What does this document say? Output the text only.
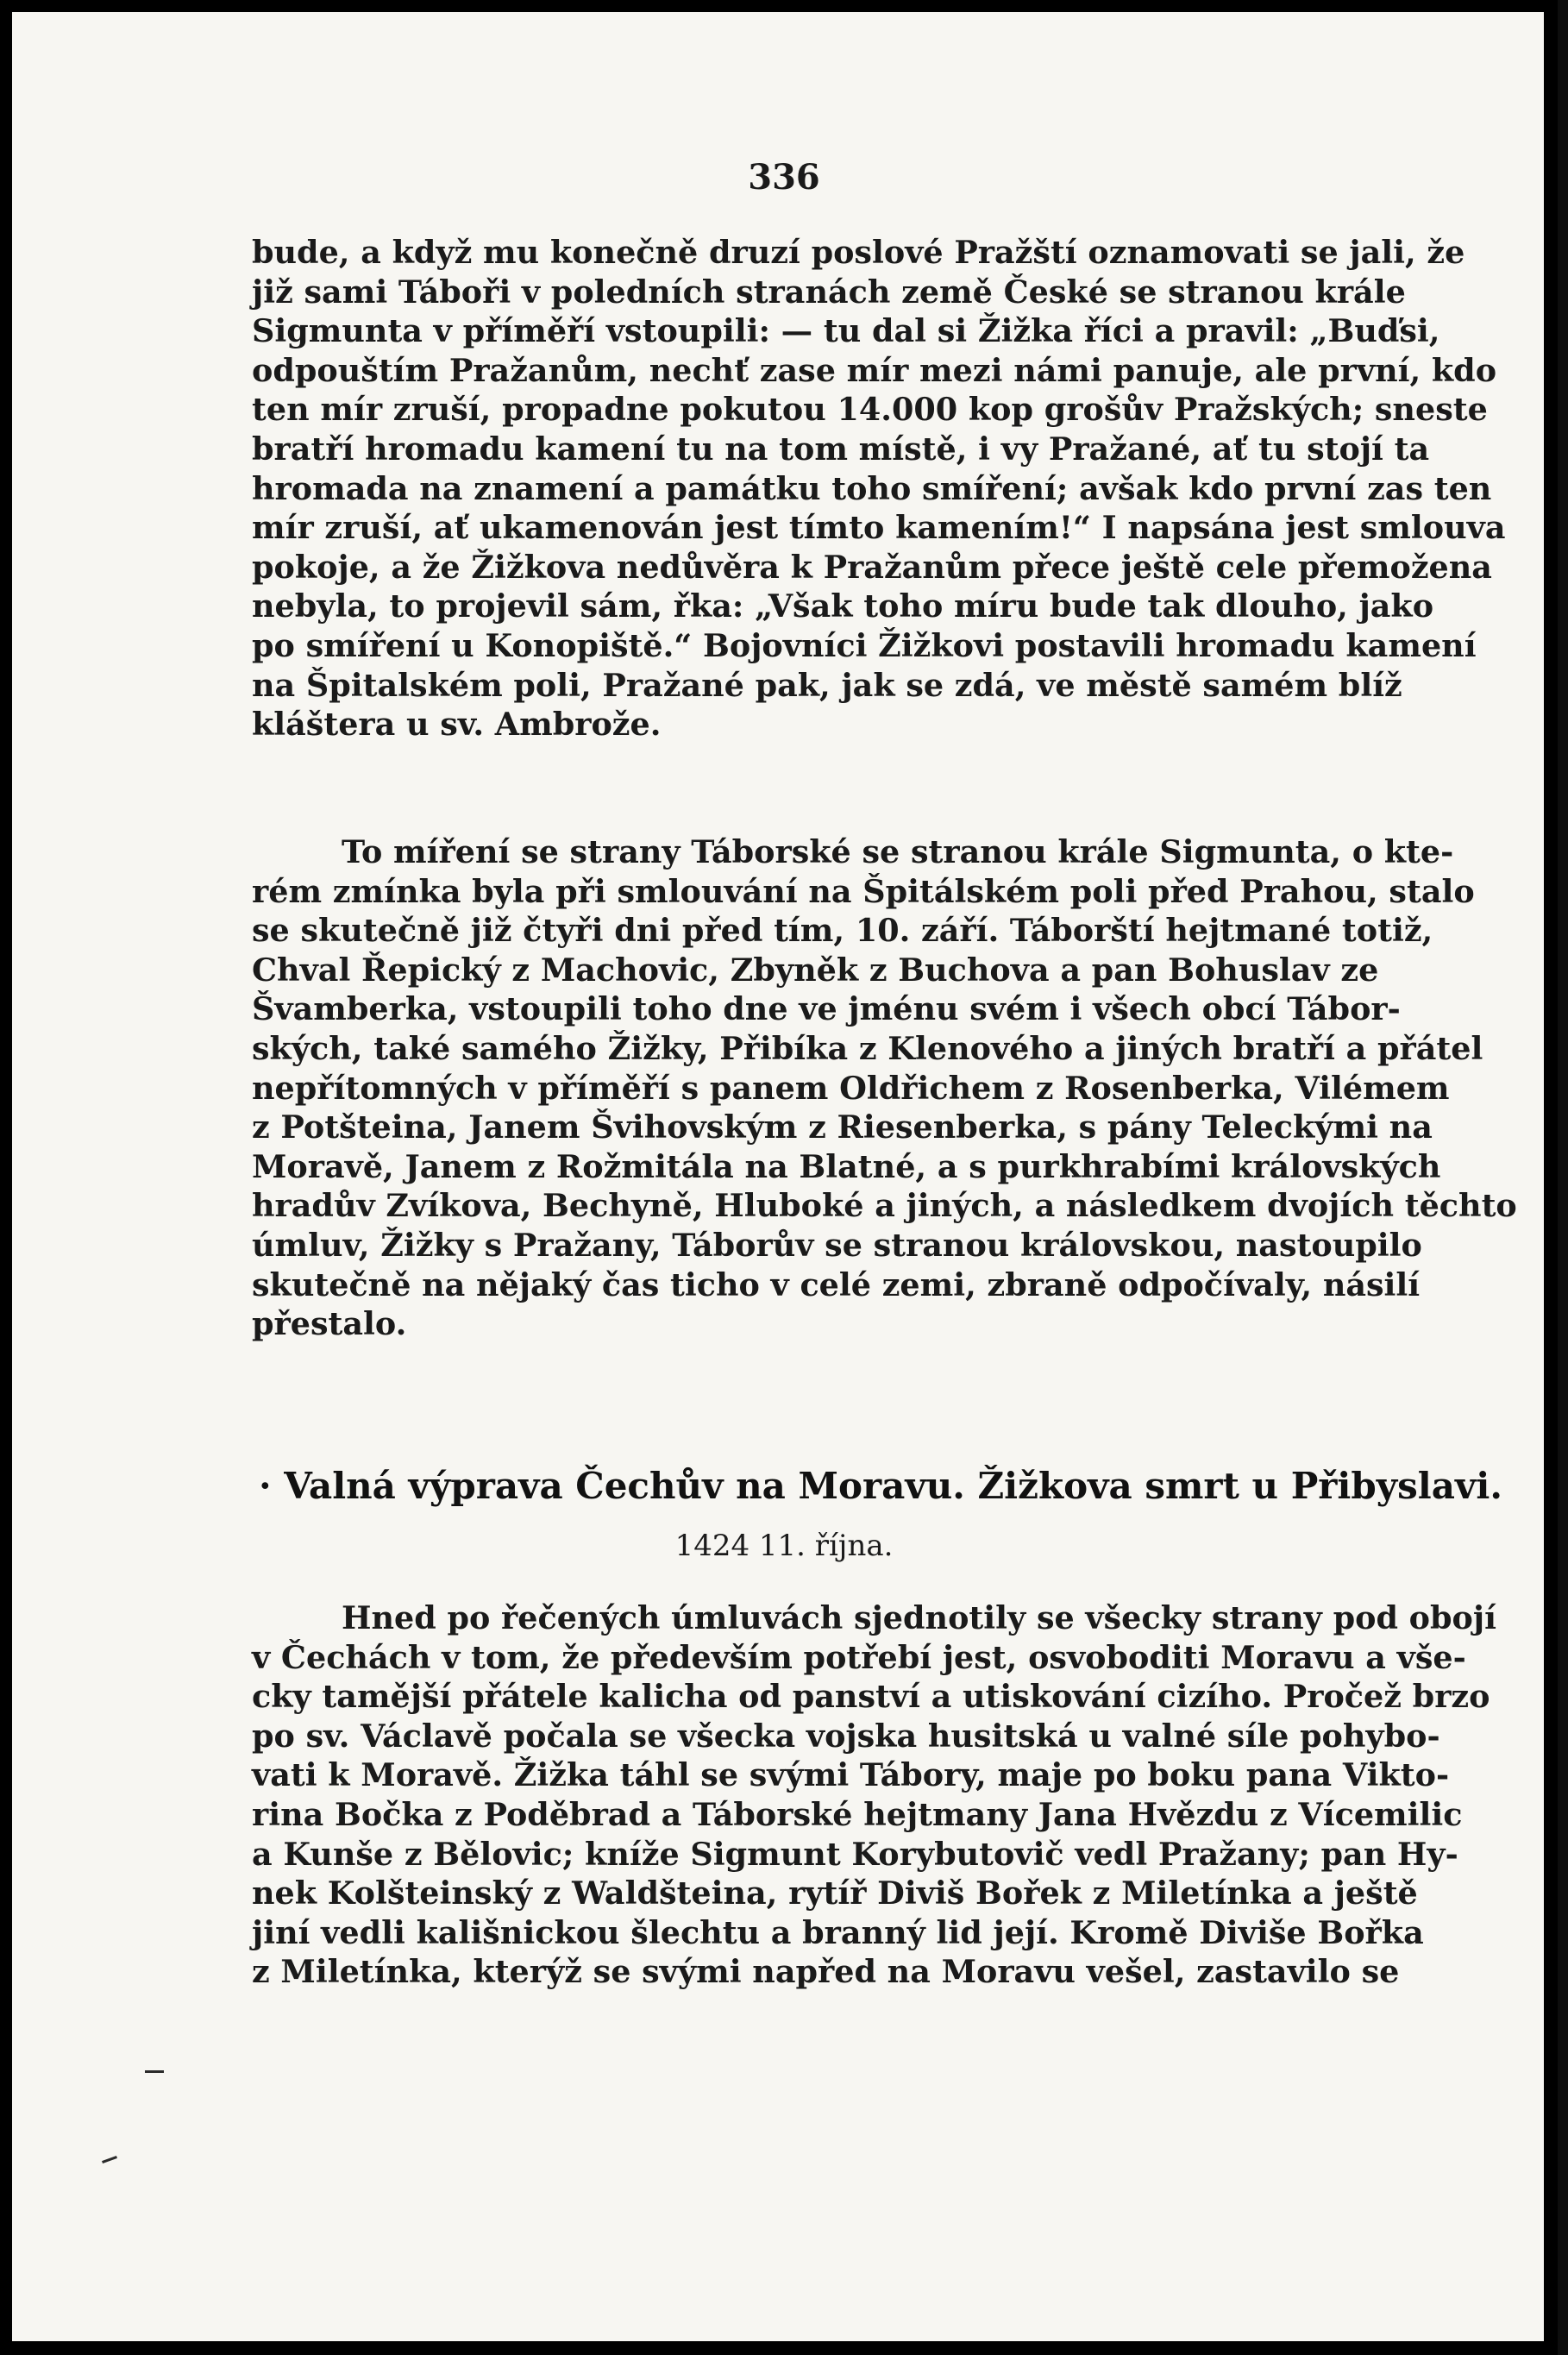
336
bude, a když mu konečně druzí poslové Pražští oznamovati se jali, že
již sami Táboři v poledních stranách země České se stranou krále
Sigmunta v příměří vstoupili: — tu dal si Žižka říci a pravil: „Buďsi,
odpouštím Pražanům, nechť zase mír mezi námi panuje, ale první, kdo
ten mír zruší, propadne pokutou 14.000 kop grošův Pražských; sneste
bratří hromadu kamení tu na tom místě, i vy Pražané, ať tu stojí ta
hromada na znamení a památku toho smíření; avšak kdo první zas ten
mír zruší, ať ukamenován jest tímto kamením!“ I napsána jest smlouva
pokoje, a že Žižkova nedůvěra k Pražanům přece ještě cele přemožena
nebyla, to projevil sám, řka: „Však toho míru bude tak dlouho, jako
po smíření u Konopiště.“ Bojovníci Žižkovi postavili hromadu kamení
na Špitalském poli, Pražané pak, jak se zdá, ve městě samém blíž
kláštera u sv. Ambrože.
To míření se strany Táborské se stranou krále Sigmunta, o kte-
rém zmínka byla při smlouvání na Špitálském poli před Prahou, stalo
se skutečně již čtyři dni před tím, 10. září. Táborští hejtmané totiž,
Chval Řepický z Machovic, Zbyněk z Buchova a pan Bohuslav ze
Švamberka, vstoupili toho dne ve jménu svém i všech obcí Tábor-
ských, také samého Žižky, Přibíka z Klenového a jiných bratří a přátel
nepřítomných v příměří s panem Oldřichem z Rosenberka, Vilémem
z Potšteina, Janem Švihovským z Riesenberka, s pány Teleckými na
Moravě, Janem z Rožmitála na Blatné, a s purkhrabími královských
hradův Zvíkova, Bechyně, Hluboké a jiných, a následkem dvojích těchto
úmluv, Žižky s Pražany, Táborův se stranou královskou, nastoupilo
skutečně na nějaký čas ticho v celé zemi, zbraně odpočívaly, násilí
přestalo.
· Valná výprava Čechův na Moravu. Žižkova smrt u Přibyslavi.
1424 11. října.
Hned po řečených úmluvách sjednotily se všecky strany pod obojí
v Čechách v tom, že především potřebí jest, osvoboditi Moravu a vše-
cky tamější přátele kalicha od panství a utiskování cizího. Pročež brzo
po sv. Václavě počala se všecka vojska husitská u valné síle pohybo-
vati k Moravě. Žižka táhl se svými Tábory, maje po boku pana Vikto-
rina Bočka z Poděbrad a Táborské hejtmany Jana Hvězdu z Vícemilic
a Kunše z Bělovic; kníže Sigmunt Korybutovič vedl Pražany; pan Hy-
nek Kolšteinský z Waldšteina, rytíř Diviš Bořek z Miletínka a ještě
jiní vedli kališnickou šlechtu a branný lid její. Kromě Diviše Bořka
z Miletínka, kterýž se svými napřed na Moravu vešel, zastavilo se
